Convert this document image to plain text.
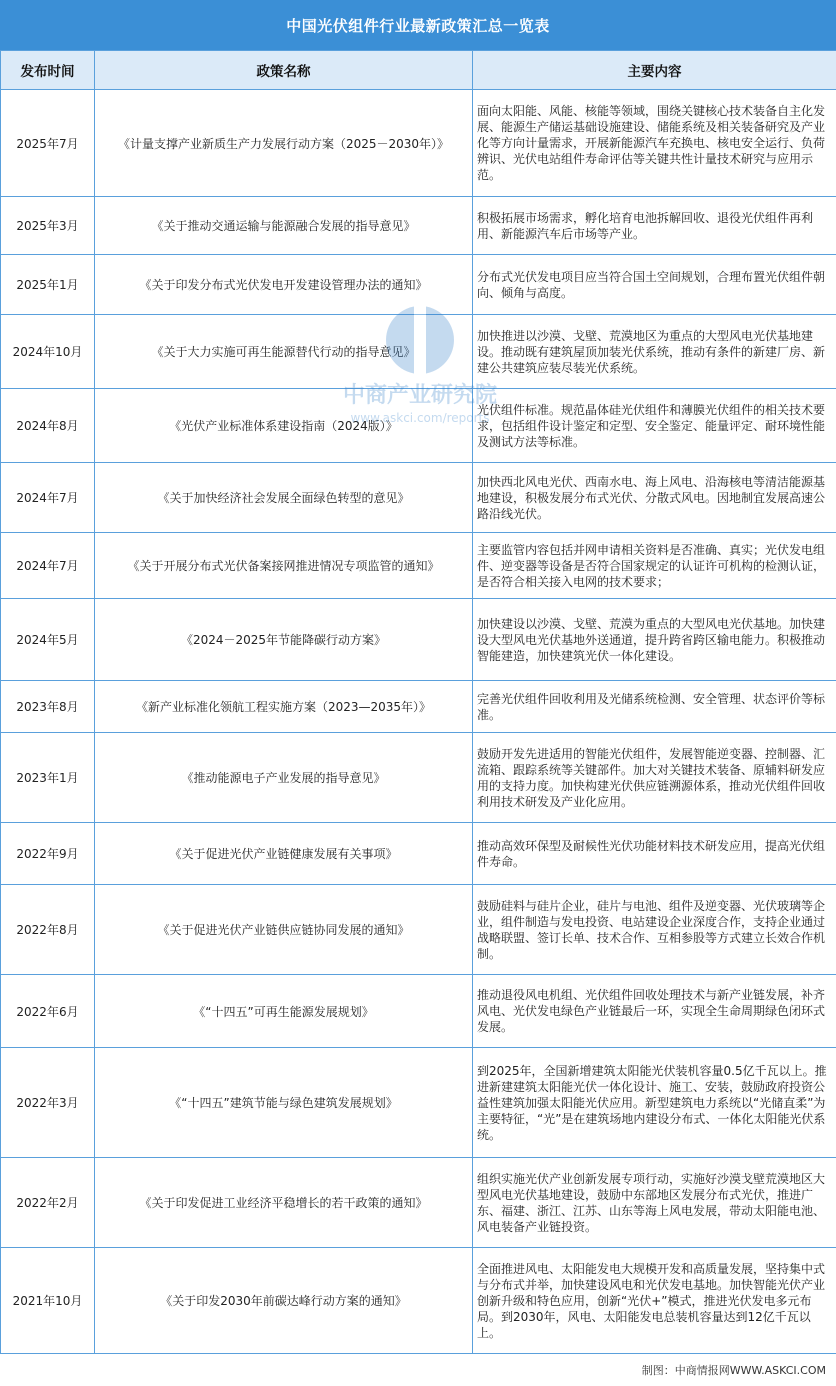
中国光伏组件行业最新政策汇总一览表
发布时间	政策名称	主要内容
2025年7月	《计量支撑产业新质生产力发展行动方案（2025－2030年）》	面向太阳能、风能、核能等领域，围绕关键核心技术装备自主化发展、能源生产储运基础设施建设、储能系统及相关装备研究及产业化等方向计量需求，开展新能源汽车充换电、核电安全运行、负荷辨识、光伏电站组件寿命评估等关键共性计量技术研究与应用示范。
2025年3月	《关于推动交通运输与能源融合发展的指导意见》	积极拓展市场需求，孵化培育电池拆解回收、退役光伏组件再利用、新能源汽车后市场等产业。
2025年1月	《关于印发分布式光伏发电开发建设管理办法的通知》	分布式光伏发电项目应当符合国土空间规划，合理布置光伏组件朝向、倾角与高度。
2024年10月	《关于大力实施可再生能源替代行动的指导意见》	加快推进以沙漠、戈壁、荒漠地区为重点的大型风电光伏基地建设。推动既有建筑屋顶加装光伏系统，推动有条件的新建厂房、新建公共建筑应装尽装光伏系统。
2024年8月	《光伏产业标准体系建设指南（2024版）》	光伏组件标准。规范晶体硅光伏组件和薄膜光伏组件的相关技术要求，包括组件设计鉴定和定型、安全鉴定、能量评定、耐环境性能及测试方法等标准。
2024年7月	《关于加快经济社会发展全面绿色转型的意见》	加快西北风电光伏、西南水电、海上风电、沿海核电等清洁能源基地建设，积极发展分布式光伏、分散式风电。因地制宜发展高速公路沿线光伏。
2024年7月	《关于开展分布式光伏备案接网推进情况专项监管的通知》	主要监管内容包括并网申请相关资料是否准确、真实；光伏发电组件、逆变器等设备是否符合国家规定的认证许可机构的检测认证，是否符合相关接入电网的技术要求；
2024年5月	《2024－2025年节能降碳行动方案》	加快建设以沙漠、戈壁、荒漠为重点的大型风电光伏基地。加快建设大型风电光伏基地外送通道，提升跨省跨区输电能力。积极推动智能建造，加快建筑光伏一体化建设。
2023年8月	《新产业标准化领航工程实施方案（2023—2035年）》	完善光伏组件回收利用及光储系统检测、安全管理、状态评价等标准。
2023年1月	《推动能源电子产业发展的指导意见》	鼓励开发先进适用的智能光伏组件，发展智能逆变器、控制器、汇流箱、跟踪系统等关键部件。加大对关键技术装备、原辅料研发应用的支持力度。加快构建光伏供应链溯源体系，推动光伏组件回收利用技术研发及产业化应用。
2022年9月	《关于促进光伏产业链健康发展有关事项》	推动高效环保型及耐候性光伏功能材料技术研发应用，提高光伏组件寿命。
2022年8月	《关于促进光伏产业链供应链协同发展的通知》	鼓励硅料与硅片企业，硅片与电池、组件及逆变器、光伏玻璃等企业，组件制造与发电投资、电站建设企业深度合作，支持企业通过战略联盟、签订长单、技术合作、互相参股等方式建立长效合作机制。
2022年6月	《“十四五”可再生能源发展规划》	推动退役风电机组、光伏组件回收处理技术与新产业链发展，补齐风电、光伏发电绿色产业链最后一环，实现全生命周期绿色闭环式发展。
2022年3月	《“十四五”建筑节能与绿色建筑发展规划》	到2025年，全国新增建筑太阳能光伏装机容量0.5亿千瓦以上。推进新建建筑太阳能光伏一体化设计、施工、安装，鼓励政府投资公益性建筑加强太阳能光伏应用。新型建筑电力系统以“光储直柔”为主要特征，“光”是在建筑场地内建设分布式、一体化太阳能光伏系统。
2022年2月	《关于印发促进工业经济平稳增长的若干政策的通知》	组织实施光伏产业创新发展专项行动，实施好沙漠戈壁荒漠地区大型风电光伏基地建设，鼓励中东部地区发展分布式光伏，推进广东、福建、浙江、江苏、山东等海上风电发展，带动太阳能电池、风电装备产业链投资。
2021年10月	《关于印发2030年前碳达峰行动方案的通知》	全面推进风电、太阳能发电大规模开发和高质量发展，坚持集中式与分布式并举，加快建设风电和光伏发电基地。加快智能光伏产业创新升级和特色应用，创新“光伏+”模式，推进光伏发电多元布局。到2030年，风电、太阳能发电总装机容量达到12亿千瓦以上。
制图：中商情报网WWW.ASKCI.COM
中商产业研究院
www.askci.com/reports
